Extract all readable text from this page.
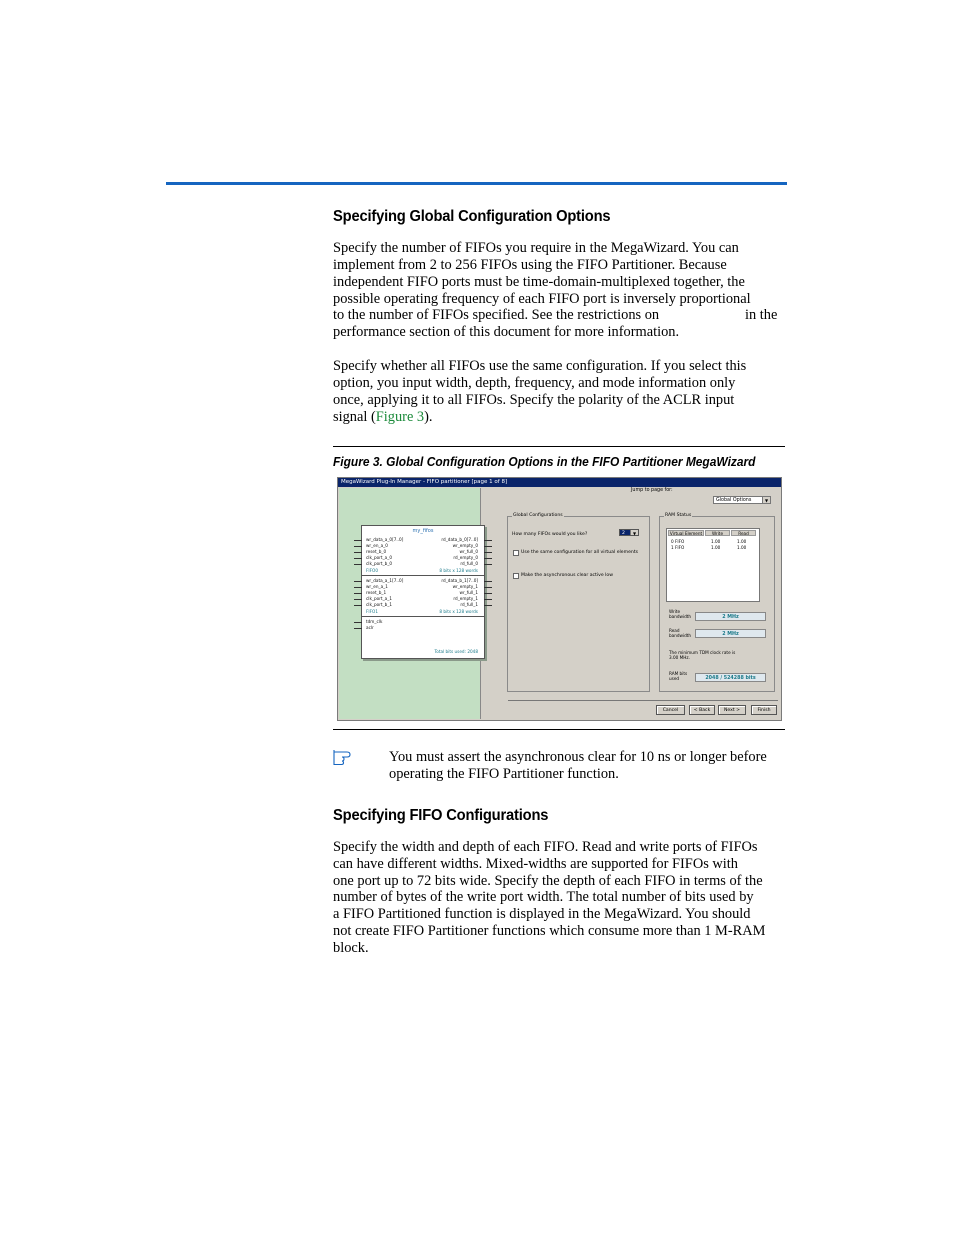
Specifying Global Configuration Options

Specify the number of FIFOs you require in the MegaWizard. You can

implement from 2 to 256 FIFOs using the FIFO Partitioner. Because

independent FIFO ports must be time-domain-multiplexed together, the

possible operating frequency of each FIFO port is inversely proportional

to the number of FIFOs specified. See the restrictions on	in the

performance section of this document for more information.

Specify whether all FIFOs use the same configuration. If you select this

option, you input width, depth, frequency, and mode information only

once, applying it to all FIFOs. Specify the polarity of the ACLR input

signal (Figure 3).

Figure 3. Global Configuration Options in the FIFO Partitioner MegaWizard

MegaWizard Plug-In Manager - FIFO partitioner [page 1 of 8]
my_fifos
wr_data_a_0[7..0]
wr_en_a_0
reset_b_0
clk_port_a_0
clk_port_b_0
rd_data_b_0[7..0]
wr_empty_0
wr_full_0
rd_empty_0
rd_full_0
FIFO0	8 bits x 128 words
wr_data_a_1[7..0]
wr_en_a_1
reset_b_1
clk_port_a_1
clk_port_b_1
rd_data_b_1[7..0]
wr_empty_1
wr_full_1
rd_empty_1
rd_full_1
FIFO1	8 bits x 128 words
tdm_clk
aclr
Total bits used: 2048
Jump to page for:
Global Options	▼
Global Configurations
How many FIFOs would you like?	2	▼
Use the same configuration for all virtual elements
Make the asynchronous clear active low
RAM Status
Virtual Element	Write	Read
0 FIFO	1.00	1.00
1 FIFO	1.00	1.00
Write bandwidth	2 MHz
Read bandwidth	2 MHz
The minimum TDM clock rate is 3.00 MHz.
RAM bits used	2048 / 524288 bits
Cancel	< Back	Next >	Finish

You must assert the asynchronous clear for 10 ns or longer before

operating the FIFO Partitioner function.

Specifying FIFO Configurations

Specify the width and depth of each FIFO. Read and write ports of FIFOs

can have different widths. Mixed-widths are supported for FIFOs with

one port up to 72 bits wide. Specify the depth of each FIFO in terms of the

number of bytes of the write port width. The total number of bits used by

a FIFO Partitioned function is displayed in the MegaWizard. You should

not create FIFO Partitioner functions which consume more than 1 M-RAM

block.
